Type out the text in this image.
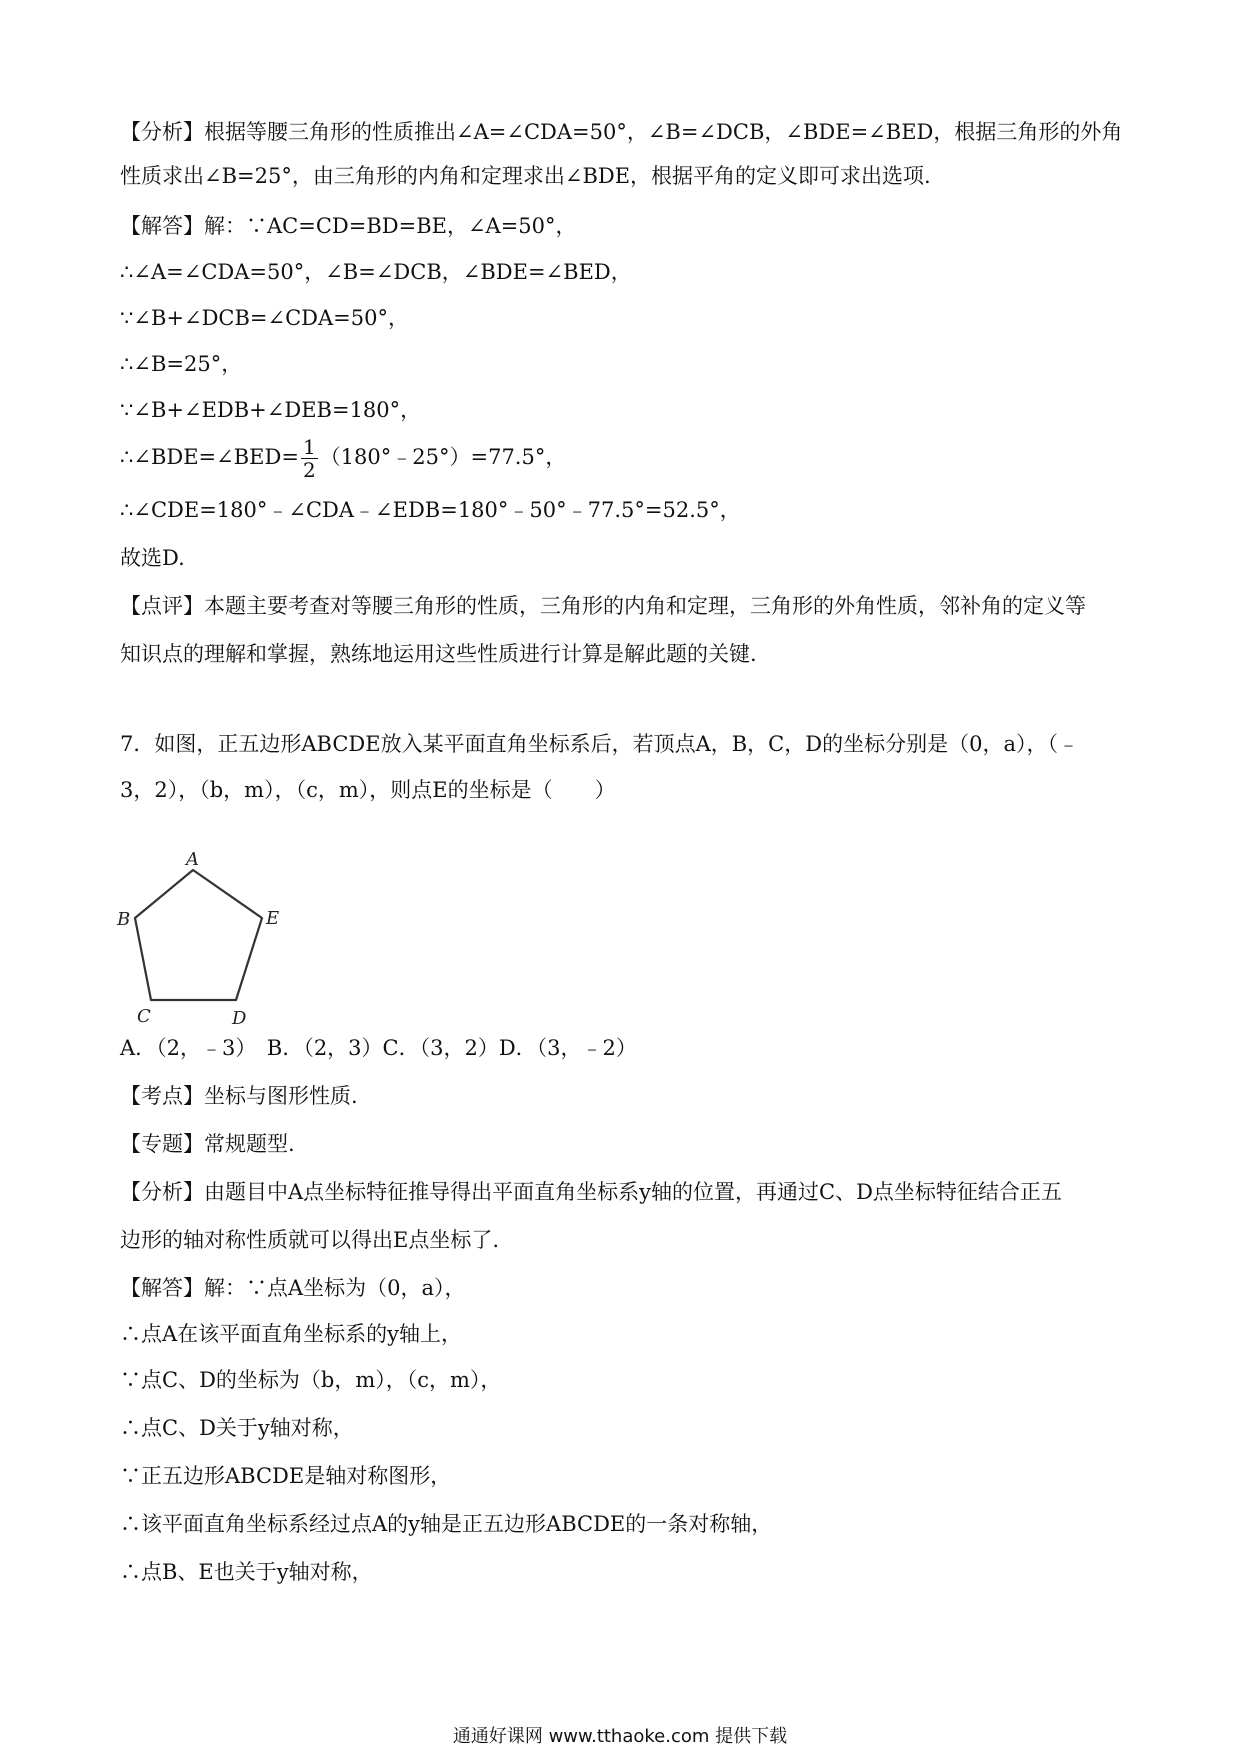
【分析】根据等腰三角形的性质推出∠A=∠CDA=50°，∠B=∠DCB，∠BDE=∠BED，根据三角形的外角
性质求出∠B=25°，由三角形的内角和定理求出∠BDE，根据平角的定义即可求出选项.
【解答】解：∵AC=CD=BD=BE，∠A=50°，
∴∠A=∠CDA=50°，∠B=∠DCB，∠BDE=∠BED，
∵∠B+∠DCB=∠CDA=50°，
∴∠B=25°，
∵∠B+∠EDB+∠DEB=180°，
∴∠BDE=∠BED= $\frac{1}{2}$ （180°﹣25°）=77.5°，
∴∠CDE=180°﹣∠CDA﹣∠EDB=180°﹣50°﹣77.5°=52.5°，
故选D.
【点评】本题主要考查对等腰三角形的性质，三角形的内角和定理，三角形的外角性质，邻补角的定义等
知识点的理解和掌握，熟练地运用这些性质进行计算是解此题的关键.
7．如图，正五边形ABCDE放入某平面直角坐标系后，若顶点A，B，C，D的坐标分别是（0，a），（﹣
3，2），（b，m），（c，m），则点E的坐标是（　　）
A
B	E
C	D
A．（2，﹣3）　B．（2，3）C．（3，2）D．（3，﹣2）
【考点】坐标与图形性质.
【专题】常规题型.
【分析】由题目中A点坐标特征推导得出平面直角坐标系y轴的位置，再通过C、D点坐标特征结合正五
边形的轴对称性质就可以得出E点坐标了.
【解答】解：∵点A坐标为（0，a），
∴点A在该平面直角坐标系的y轴上，
∵点C、D的坐标为（b，m），（c，m），
∴点C、D关于y轴对称，
∵正五边形ABCDE是轴对称图形，
∴该平面直角坐标系经过点A的y轴是正五边形ABCDE的一条对称轴，
∴点B、E也关于y轴对称，
通通好课网 www.tthaoke.com 提供下载
